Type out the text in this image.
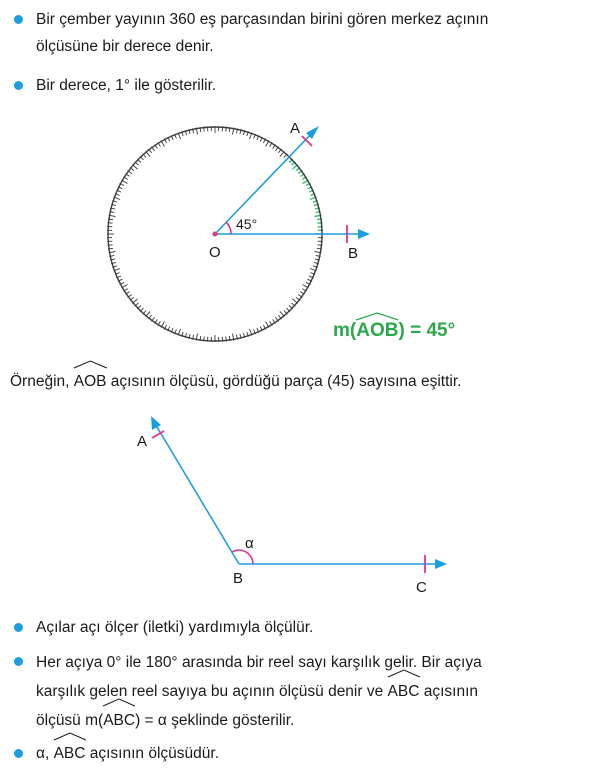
Bir çember yayının 360 eş parçasından birini gören merkez açının
ölçüsüne bir derece denir.
Bir derece, 1° ile gösterilir.
A
O	B
45°
m(
AOB) = 45°
Örneğin,
AOB açısının ölçüsü, gördüğü parça (45) sayısına eşittir.
A
B
C
α
Açılar açı ölçer (iletki) yardımıyla ölçülür.
Her açıya 0° ile 180° arasında bir reel sayı karşılık gelir. Bir açıya
karşılık gelen reel sayıya bu açının ölçüsü denir ve
ABC açısının
ölçüsü m(
ABC) = α şeklinde gösterilir.
α,
ABC açısının ölçüsüdür.
